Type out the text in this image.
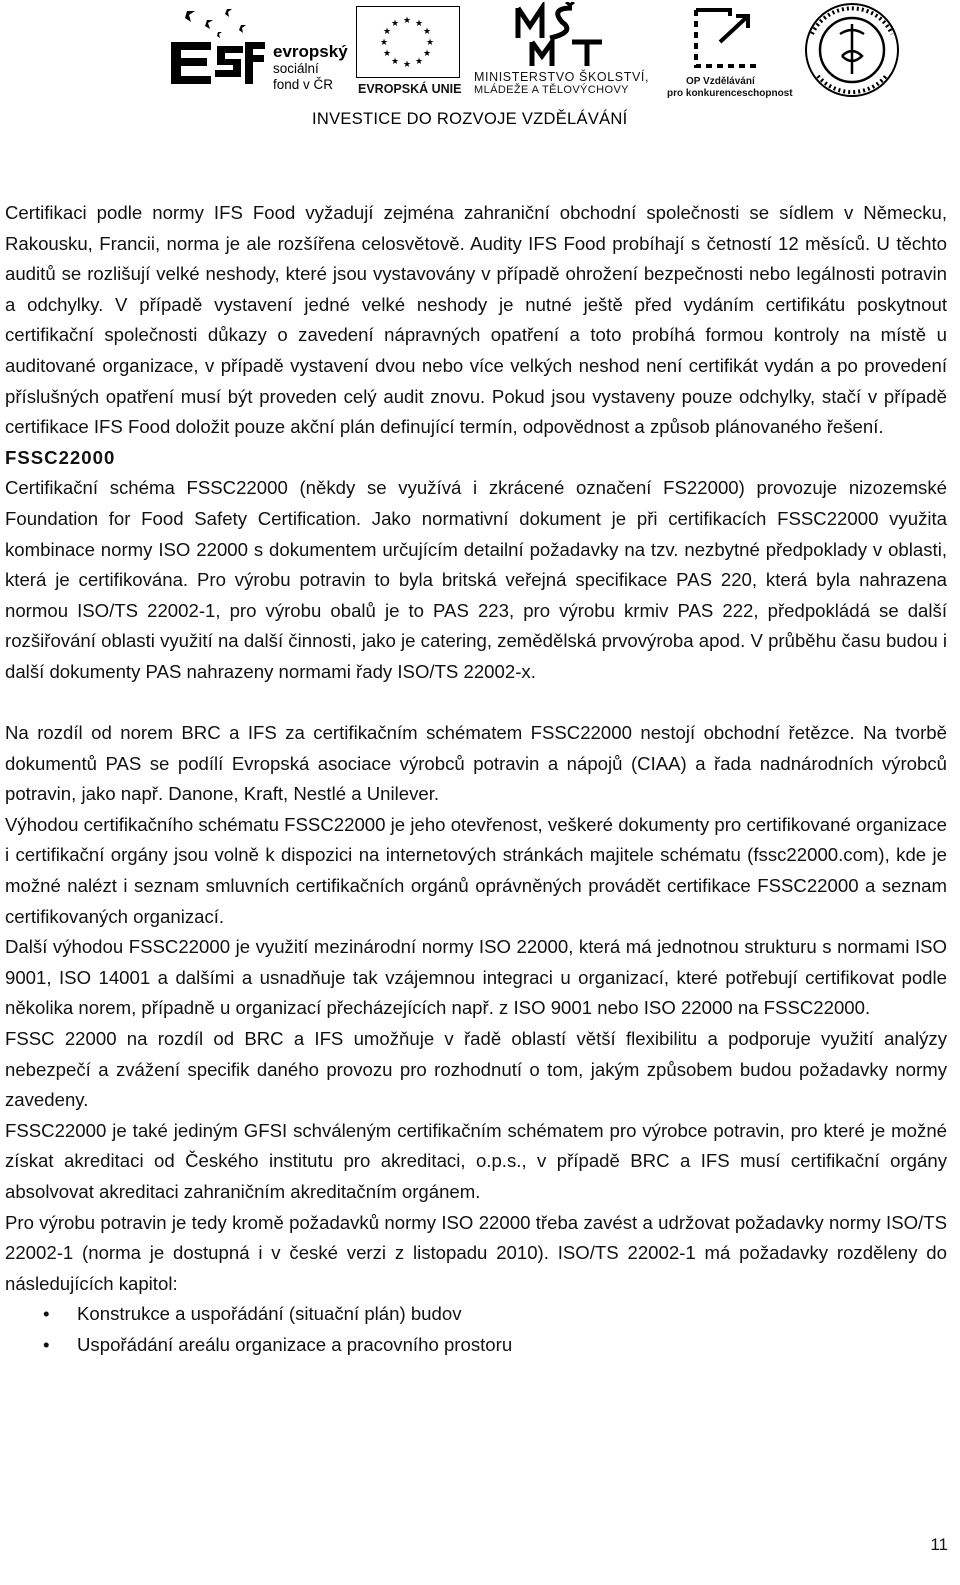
evropský
sociální
fond v ČR
★ ★
★
★
★
★
★
★
★
★
★
★
EVROPSKÁ UNIE
MINISTERSTVO ŠKOLSTVÍ,
MLÁDEŽE A TĚLOVÝCHOVY
OP Vzdělávání
pro konkurenceschopnost
INVESTICE DO ROZVOJE VZDĚLÁVÁNÍ

Certifikaci podle normy IFS Food vyžadují zejména zahraniční obchodní společnosti se sídlem v Německu, Rakousku, Francii, norma je ale rozšířena celosvětově. Audity IFS Food probíhají s četností 12 měsíců. U těchto auditů se rozlišují velké neshody, které jsou vystavovány v případě ohrožení bezpečnosti nebo legálnosti potravin a odchylky. V případě vystavení jedné velké neshody je nutné ještě před vydáním certifikátu poskytnout certifikační společnosti důkazy o zavedení nápravných opatření a toto probíhá formou kontroly na místě u auditované organizace, v případě vystavení dvou nebo více velkých neshod není certifikát vydán a po provedení příslušných opatření musí být proveden celý audit znovu. Pokud jsou vystaveny pouze odchylky, stačí v případě certifikace IFS Food doložit pouze akční plán definující termín, odpovědnost a způsob plánovaného řešení.

FSSC22000

Certifikační schéma FSSC22000 (někdy se využívá i zkrácené označení FS22000) provozuje nizozemské Foundation for Food Safety Certification. Jako normativní dokument je při certifikacích FSSC22000 využita kombinace normy ISO 22000 s dokumentem určujícím detailní požadavky na tzv. nezbytné předpoklady v oblasti, která je certifikována. Pro výrobu potravin to byla britská veřejná specifikace PAS 220, která byla nahrazena normou ISO/TS 22002-1, pro výrobu obalů je to PAS 223, pro výrobu krmiv PAS 222, předpokládá se další rozšiřování oblasti využití na další činnosti, jako je catering, zemědělská prvovýroba apod. V průběhu času budou i další dokumenty PAS nahrazeny normami řady ISO/TS 22002-x.

Na rozdíl od norem BRC a IFS za certifikačním schématem FSSC22000 nestojí obchodní řetězce. Na tvorbě dokumentů PAS se podílí Evropská asociace výrobců potravin a nápojů (CIAA) a řada nadnárodních výrobců potravin, jako např. Danone, Kraft, Nestlé a Unilever.

Výhodou certifikačního schématu FSSC22000 je jeho otevřenost, veškeré dokumenty pro certifikované organizace i certifikační orgány jsou volně k dispozici na internetových stránkách majitele schématu (fssc22000.com), kde je možné nalézt i seznam smluvních certifikačních orgánů oprávněných provádět certifikace FSSC22000 a seznam certifikovaných organizací.

Další výhodou FSSC22000 je využití mezinárodní normy ISO 22000, která má jednotnou strukturu s normami ISO 9001, ISO 14001 a dalšími a usnadňuje tak vzájemnou integraci u organizací, které potřebují certifikovat podle několika norem, případně u organizací přecházejících např. z ISO 9001 nebo ISO 22000 na FSSC22000.

FSSC 22000 na rozdíl od BRC a IFS umožňuje v řadě oblastí větší flexibilitu a podporuje využití analýzy nebezpečí a zvážení specifik daného provozu pro rozhodnutí o tom, jakým způsobem budou požadavky normy zavedeny.

FSSC22000 je také jediným GFSI schváleným certifikačním schématem pro výrobce potravin, pro které je možné získat akreditaci od Českého institutu pro akreditaci, o.p.s., v případě BRC a IFS musí certifikační orgány absolvovat akreditaci zahraničním akreditačním orgánem.

Pro výrobu potravin je tedy kromě požadavků normy ISO 22000 třeba zavést a udržovat požadavky normy ISO/TS 22002-1 (norma je dostupná i v české verzi z listopadu 2010). ISO/TS 22002-1 má požadavky rozděleny do následujících kapitol:

• Konstrukce a uspořádání (situační plán) budov
• Uspořádání areálu organizace a pracovního prostoru
11
